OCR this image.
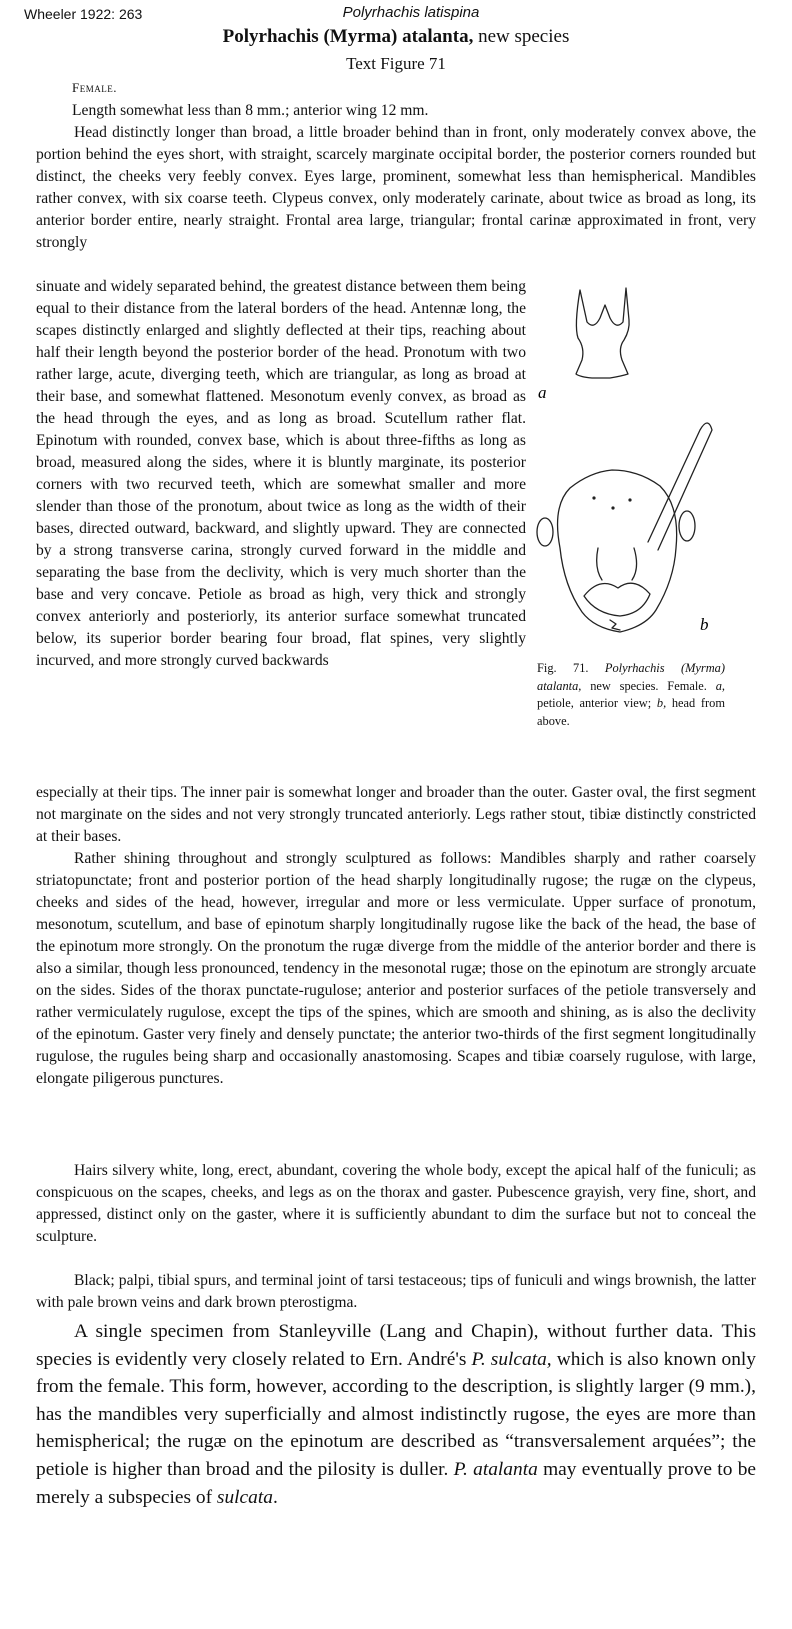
Wheeler 1922: 263	Polyrhachis latispina
Polyrhachis (Myrma) atalanta, new species
Text Figure 71
Female.

Length somewhat less than 8 mm.; anterior wing 12 mm.

Head distinctly longer than broad, a little broader behind than in front, only moderately convex above, the portion behind the eyes short, with straight, scarcely marginate occipital border, the posterior corners rounded but distinct, the cheeks very feebly convex. Eyes large, prominent, somewhat less than hemispherical. Mandibles rather convex, with six coarse teeth. Clypeus convex, only moderately carinate, about twice as broad as long, its anterior border entire, nearly straight. Frontal area large, triangular; frontal carinæ approximated in front, very strongly

sinuate and widely separated behind, the greatest distance between them being equal to their distance from the lateral borders of the head. Antennæ long, the scapes distinctly enlarged and slightly deflected at their tips, reaching about half their length beyond the posterior border of the head. Pronotum with two rather large, acute, diverging teeth, which are triangular, as long as broad at their base, and somewhat flattened. Mesonotum evenly convex, as broad as the head through the eyes, and as long as broad. Scutellum rather flat. Epinotum with rounded, convex base, which is about three-fifths as long as broad, measured along the sides, where it is bluntly marginate, its posterior corners with two recurved teeth, which are somewhat smaller and more slender than those of the pronotum, about twice as long as the width of their bases, directed outward, backward, and slightly upward. They are connected by a strong transverse carina, strongly curved forward in the middle and separating the base from the declivity, which is very much shorter than the base and very concave. Petiole as broad as high, very thick and strongly convex anteriorly and posteriorly, its anterior surface somewhat truncated below, its superior border bearing four broad, flat spines, very slightly incurved, and more strongly curved backwards

especially at their tips. The inner pair is somewhat longer and broader than the outer. Gaster oval, the first segment not marginate on the sides and not very strongly truncated anteriorly. Legs rather stout, tibiæ distinctly constricted at their bases.

Rather shining throughout and strongly sculptured as follows: Mandibles sharply and rather coarsely striatopunctate; front and posterior portion of the head sharply longitudinally rugose; the rugæ on the clypeus, cheeks and sides of the head, however, irregular and more or less vermiculate. Upper surface of pronotum, mesonotum, scutellum, and base of epinotum sharply longitudinally rugose like the back of the head, the base of the epinotum more strongly. On the pronotum the rugæ diverge from the middle of the anterior border and there is also a similar, though less pronounced, tendency in the mesonotal rugæ; those on the epinotum are strongly arcuate on the sides. Sides of the thorax punctate-rugulose; anterior and posterior surfaces of the petiole transversely and rather vermiculately rugulose, except the tips of the spines, which are smooth and shining, as is also the declivity of the epinotum. Gaster very finely and densely punctate; the anterior two-thirds of the first segment longitudinally rugulose, the rugules being sharp and occasionally anastomosing. Scapes and tibiæ coarsely rugulose, with large, elongate piligerous punctures.

Hairs silvery white, long, erect, abundant, covering the whole body, except the apical half of the funiculi; as conspicuous on the scapes, cheeks, and legs as on the thorax and gaster. Pubescence grayish, very fine, short, and appressed, distinct only on the gaster, where it is sufficiently abundant to dim the surface but not to conceal the sculpture.

Black; palpi, tibial spurs, and terminal joint of tarsi testaceous; tips of funiculi and wings brownish, the latter with pale brown veins and dark brown pterostigma.

A single specimen from Stanleyville (Lang and Chapin), without further data. This species is evidently very closely related to Ern. André's P. sulcata, which is also known only from the female. This form, however, according to the description, is slightly larger (9 mm.), has the mandibles very superficially and almost indistinctly rugose, the eyes are more than hemispherical; the rugæ on the epinotum are described as “transversalement arquées”; the petiole is higher than broad and the pilosity is duller. P. atalanta may eventually prove to be merely a subspecies of sulcata.

a
b
Fig. 71. Polyrhachis (Myrma) atalanta, new species. Female. a, petiole, anterior view; b, head from above.
